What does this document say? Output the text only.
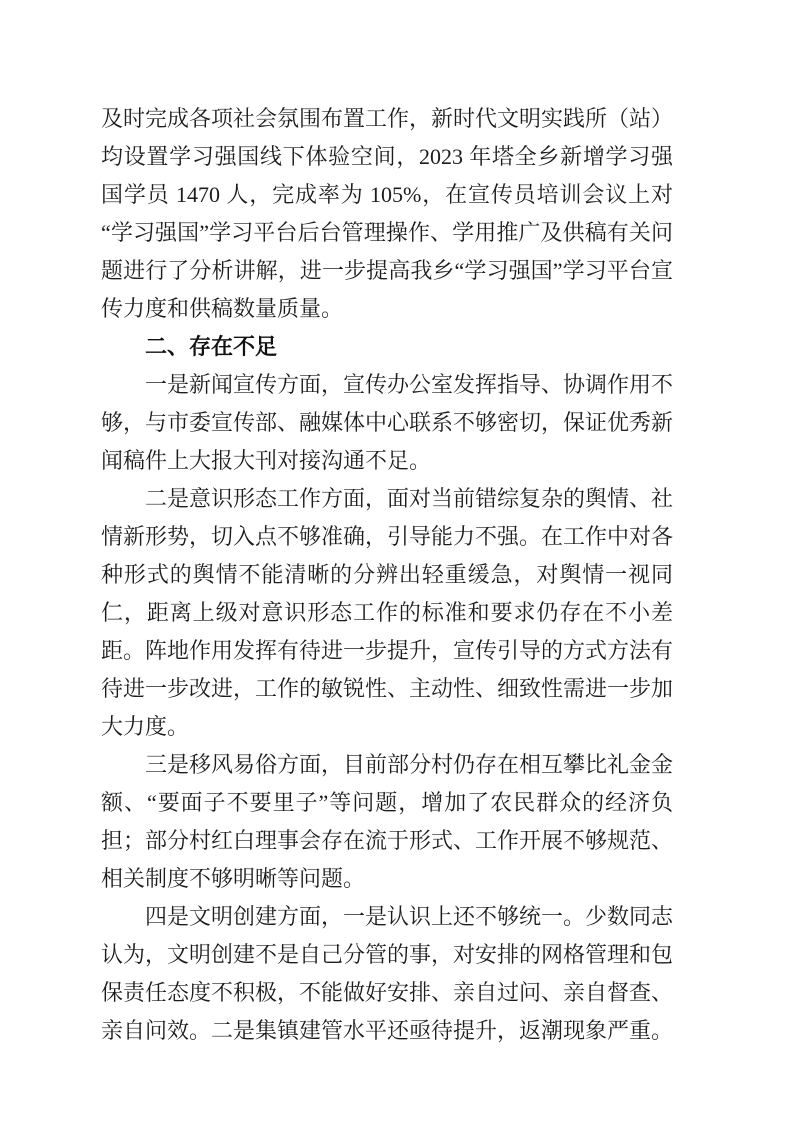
及时完成各项社会氛围布置工作，新时代文明实践所（站）均设置学习强国线下体验空间，2023 年塔全乡新增学习强国学员 1470 人，完成率为 105%，在宣传员培训会议上对“学习强国”学习平台后台管理操作、学用推广及供稿有关问题进行了分析讲解，进一步提高我乡“学习强国”学习平台宣传力度和供稿数量质量。

二、存在不足

一是新闻宣传方面，宣传办公室发挥指导、协调作用不够，与市委宣传部、融媒体中心联系不够密切，保证优秀新闻稿件上大报大刊对接沟通不足。

二是意识形态工作方面，面对当前错综复杂的舆情、社情新形势，切入点不够准确，引导能力不强。在工作中对各种形式的舆情不能清晰的分辨出轻重缓急，对舆情一视同仁，距离上级对意识形态工作的标准和要求仍存在不小差距。阵地作用发挥有待进一步提升，宣传引导的方式方法有待进一步改进，工作的敏锐性、主动性、细致性需进一步加大力度。

三是移风易俗方面，目前部分村仍存在相互攀比礼金金额、“要面子不要里子”等问题，增加了农民群众的经济负担；部分村红白理事会存在流于形式、工作开展不够规范、相关制度不够明晰等问题。

四是文明创建方面，一是认识上还不够统一。少数同志认为，文明创建不是自己分管的事，对安排的网格管理和包保责任态度不积极，不能做好安排、亲自过问、亲自督查、亲自问效。二是集镇建管水平还亟待提升，返潮现象严重。
